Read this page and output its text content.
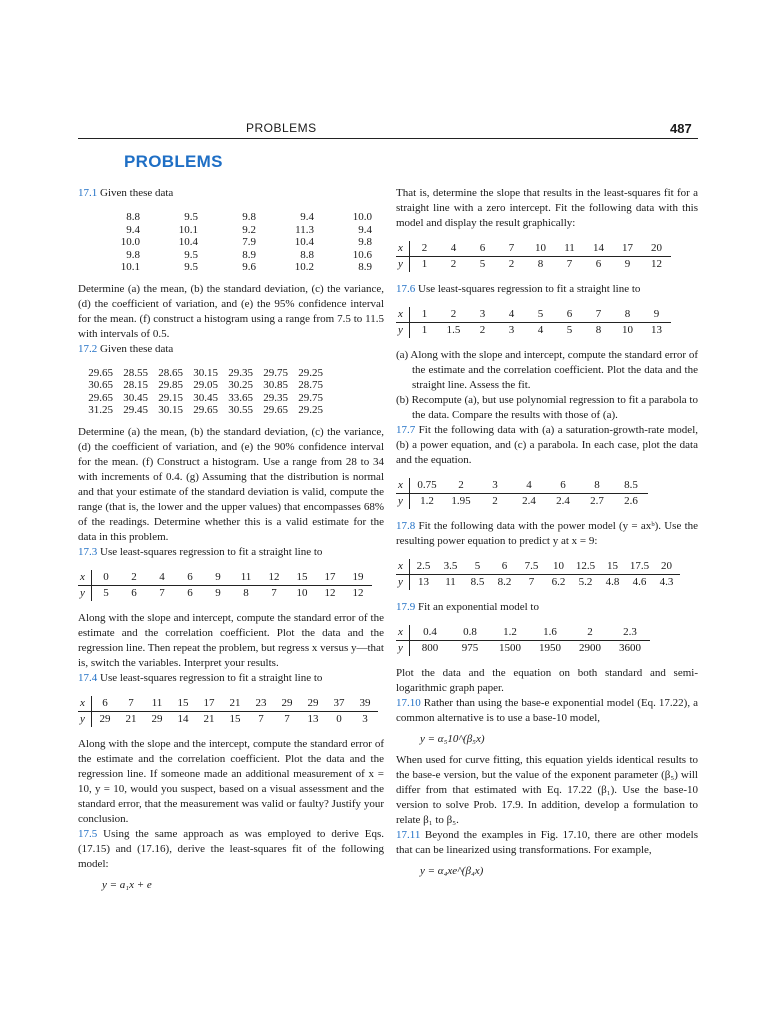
PROBLEMS	487
PROBLEMS

17.1 Given these data

8.8	9.5	9.8	9.4	10.0
9.4	10.1	9.2	11.3	9.4
10.0	10.4	7.9	10.4	9.8
9.8	9.5	8.9	8.8	10.6
10.1	9.5	9.6	10.2	8.9

Determine (a) the mean, (b) the standard deviation, (c) the variance, (d) the coefficient of variation, and (e) the 95% confidence interval for the mean. (f) construct a histogram using a range from 7.5 to 11.5 with intervals of 0.5.

17.2 Given these data

29.65 28.55 28.65 30.15 29.35 29.75 29.25
30.65 28.15 29.85 29.05 30.25 30.85 28.75
29.65 30.45 29.15 30.45 33.65 29.35 29.75
31.25 29.45 30.15 29.65 30.55 29.65 29.25

Determine (a) the mean, (b) the standard deviation, (c) the variance, (d) the coefficient of variation, and (e) the 90% confidence interval for the mean. (f) Construct a histogram. Use a range from 28 to 34 with increments of 0.4. (g) Assuming that the distribution is normal and that your estimate of the standard deviation is valid, compute the range (that is, the lower and the upper values) that encompasses 68% of the readings. Determine whether this is a valid estimate for the data in this problem.

17.3 Use least-squares regression to fit a straight line to

x	0	2	4	6	9	11	12	15	17	19
y	5	6	7	6	9	8	7	10	12	12

Along with the slope and intercept, compute the standard error of the estimate and the correlation coefficient. Plot the data and the regression line. Then repeat the problem, but regress x versus y—that is, switch the variables. Interpret your results.

17.4 Use least-squares regression to fit a straight line to

x	6	7	11	15	17	21	23	29	29	37	39
y	29	21	29	14	21	15	7	7	13	0	3

Along with the slope and the intercept, compute the standard error of the estimate and the correlation coefficient. Plot the data and the regression line. If someone made an additional measurement of x = 10, y = 10, would you suspect, based on a visual assessment and the standard error, that the measurement was valid or faulty? Justify your conclusion.

17.5 Using the same approach as was employed to derive Eqs. (17.15) and (17.16), derive the least-squares fit of the following model:

y = a₁x + e

That is, determine the slope that results in the least-squares fit for a straight line with a zero intercept. Fit the following data with this model and display the result graphically:

x	2	4	6	7	10	11	14	17	20
y	1	2	5	2	8	7	6	9	12

17.6 Use least-squares regression to fit a straight line to

x	1	2	3	4	5	6	7	8	9
y	1	1.5	2	3	4	5	8	10	13

(a) Along with the slope and intercept, compute the standard error of the estimate and the correlation coefficient. Plot the data and the straight line. Assess the fit.

(b) Recompute (a), but use polynomial regression to fit a parabola to the data. Compare the results with those of (a).

17.7 Fit the following data with (a) a saturation-growth-rate model, (b) a power equation, and (c) a parabola. In each case, plot the data and the equation.

x	0.75	2	3	4	6	8	8.5
y	1.2	1.95	2	2.4	2.4	2.7	2.6

17.8 Fit the following data with the power model (y = axᵇ). Use the resulting power equation to predict y at x = 9:

x	2.5	3.5	5	6	7.5	10	12.5	15	17.5	20
y	13	11	8.5	8.2	7	6.2	5.2	4.8	4.6	4.3

17.9 Fit an exponential model to

x	0.4	0.8	1.2	1.6	2	2.3
y	800	975	1500	1950	2900	3600

Plot the data and the equation on both standard and semi-logarithmic graph paper.

17.10 Rather than using the base-e exponential model (Eq. 17.22), a common alternative is to use a base-10 model,

y = α₅10^(β₅x)

When used for curve fitting, this equation yields identical results to the base-e version, but the value of the exponent parameter (β₅) will differ from that estimated with Eq. 17.22 (β₁). Use the base-10 version to solve Prob. 17.9. In addition, develop a formulation to relate β₁ to β₅.

17.11 Beyond the examples in Fig. 17.10, there are other models that can be linearized using transformations. For example,

y = α₄xe^(β₄x)
